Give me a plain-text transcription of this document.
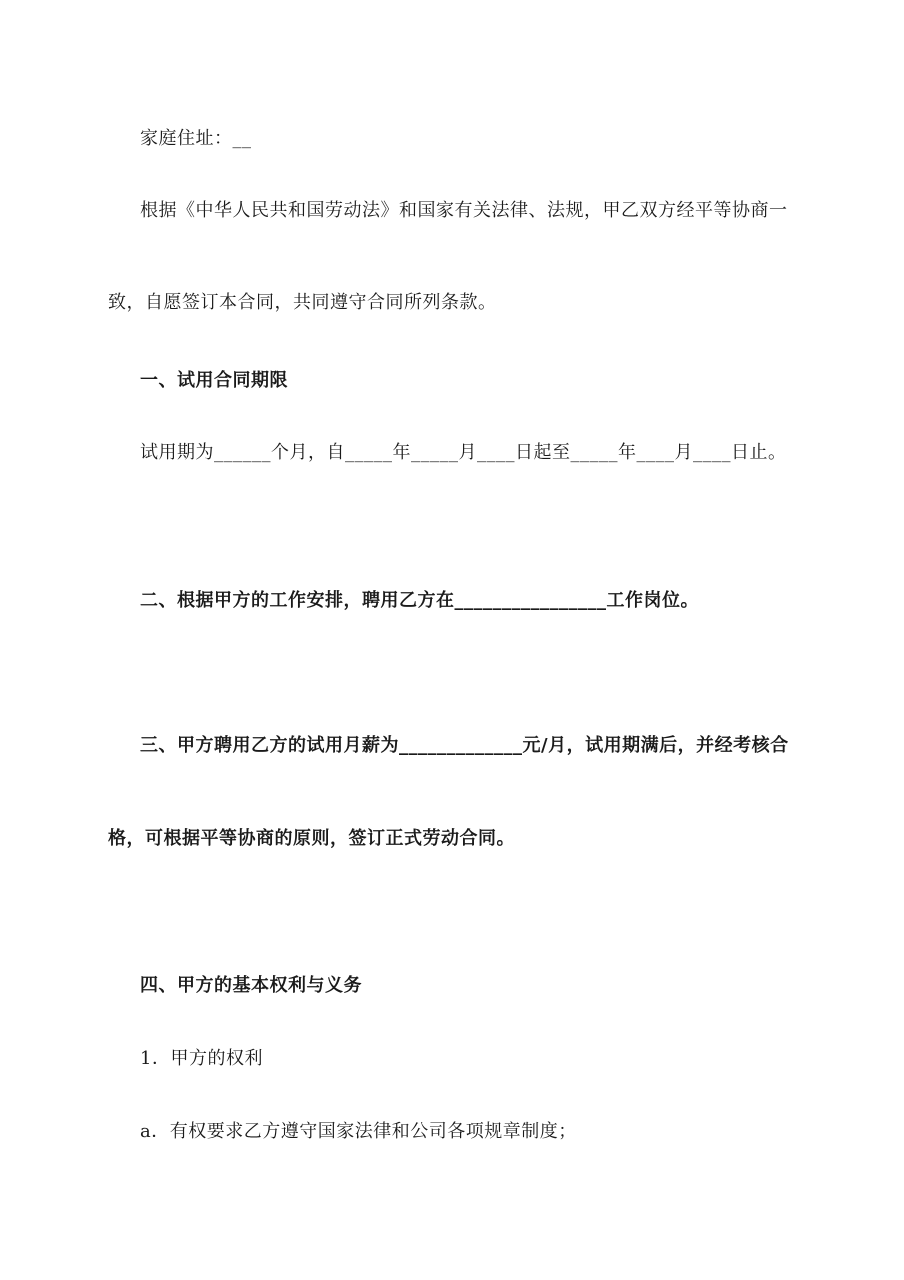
家庭住址：__
根据《中华人民共和国劳动法》和国家有关法律、法规，甲乙双方经平等协商一
致，自愿签订本合同，共同遵守合同所列条款。
一、试用合同期限
试用期为______个月，自_____年_____月____日起至_____年____月____日止。
二、根据甲方的工作安排，聘用乙方在________________工作岗位。
三、甲方聘用乙方的试用月薪为_____________元/月，试用期满后，并经考核合
格，可根据平等协商的原则，签订正式劳动合同。
四、甲方的基本权利与义务
1．甲方的权利
a．有权要求乙方遵守国家法律和公司各项规章制度；
